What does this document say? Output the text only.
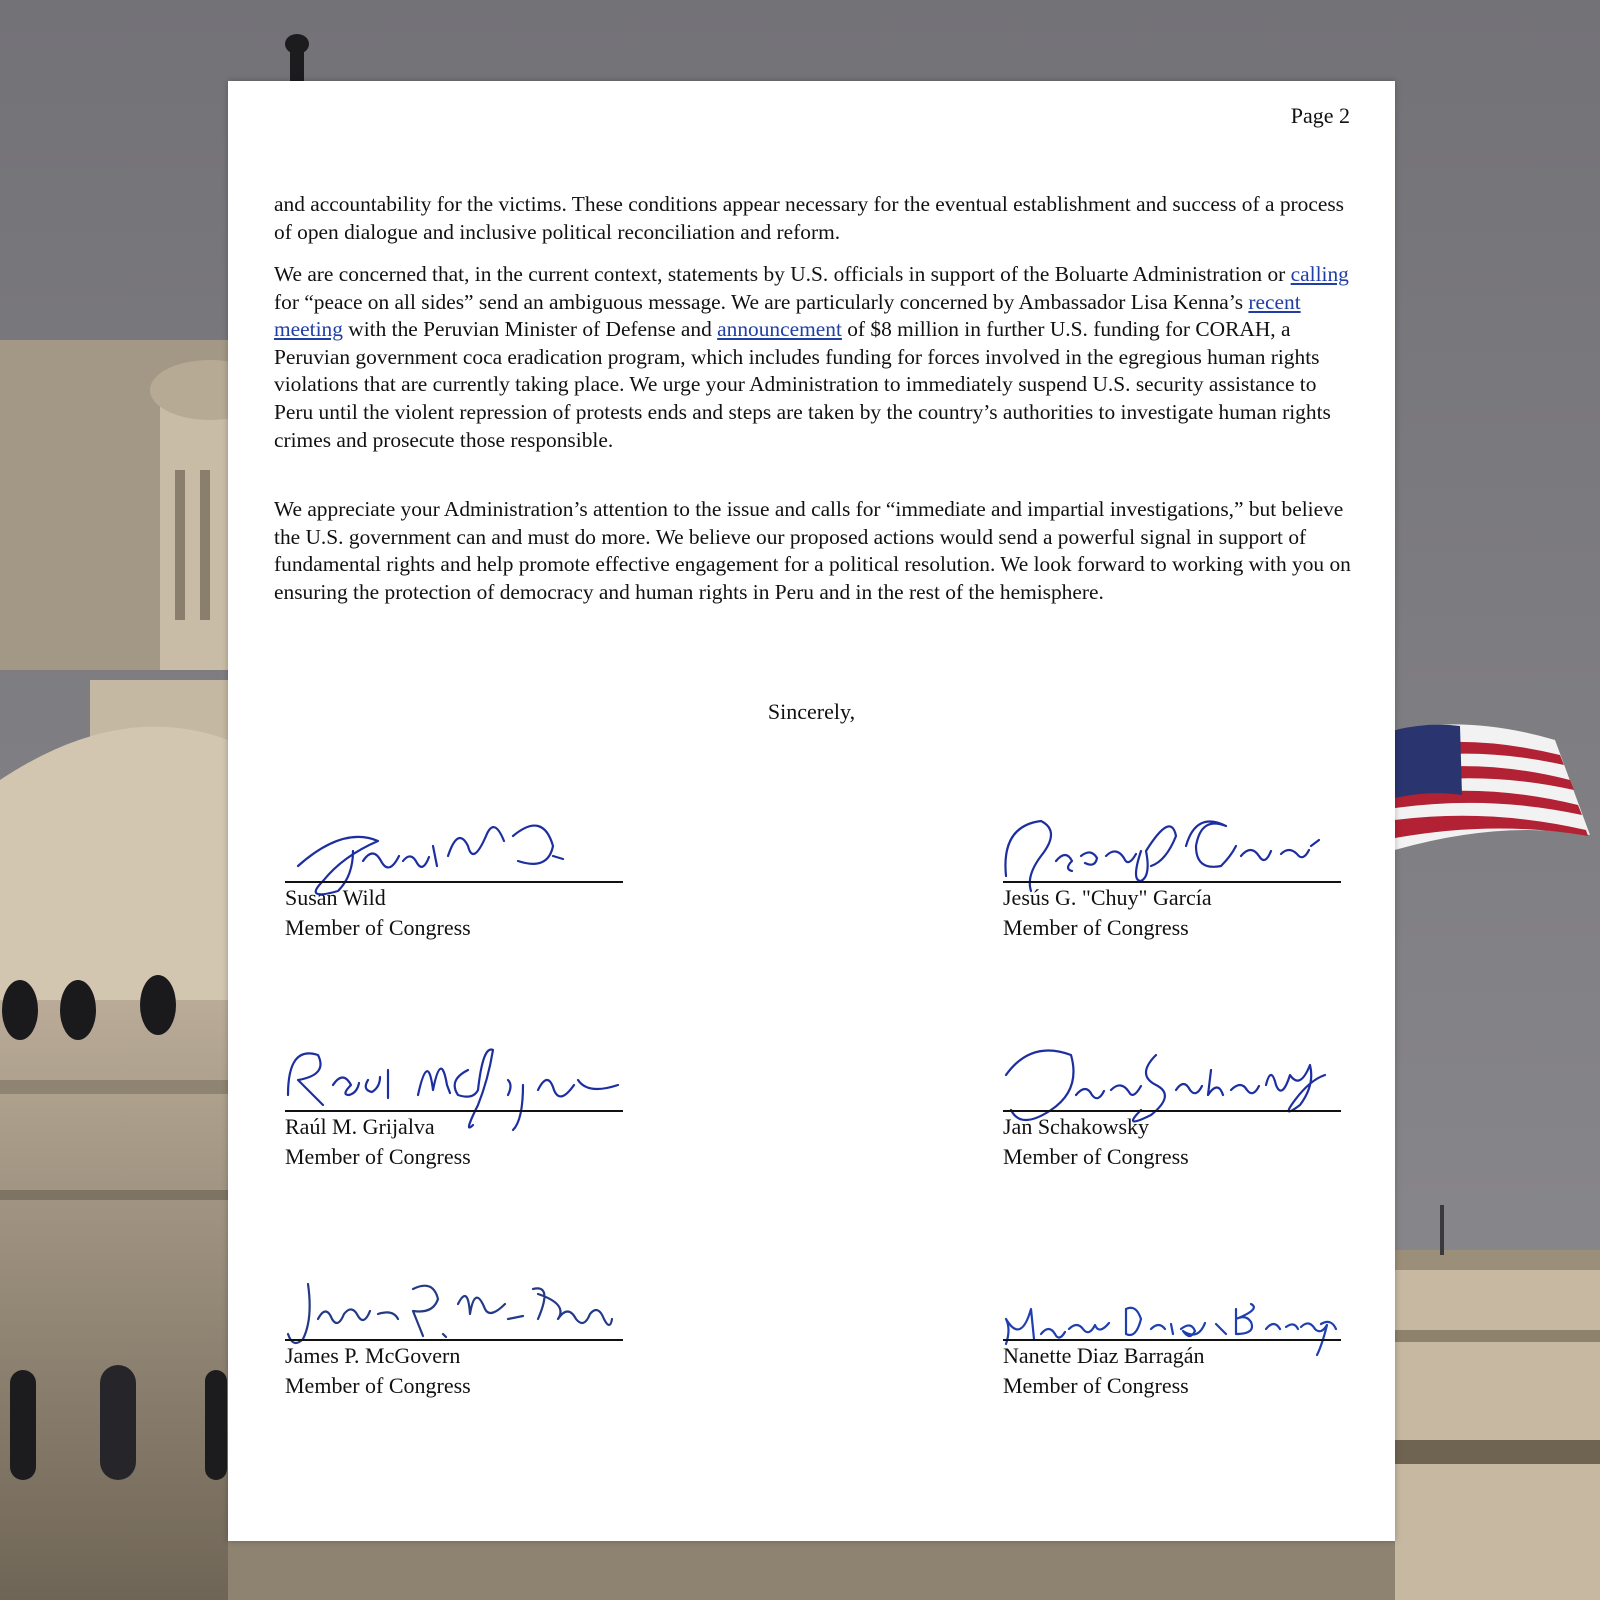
Page 2

and accountability for the victims. These conditions appear necessary for the eventual establishment and success of a process of open dialogue and inclusive political reconciliation and reform.

We are concerned that, in the current context, statements by U.S. officials in support of the Boluarte Administration or calling for “peace on all sides” send an ambiguous message. We are particularly concerned by Ambassador Lisa Kenna’s recent meeting with the Peruvian Minister of Defense and announcement of $8 million in further U.S. funding for CORAH, a Peruvian government coca eradication program, which includes funding for forces involved in the egregious human rights violations that are currently taking place. We urge your Administration to immediately suspend U.S. security assistance to Peru until the violent repression of protests ends and steps are taken by the country’s authorities to investigate human rights crimes and prosecute those responsible.

We appreciate your Administration’s attention to the issue and calls for “immediate and impartial investigations,” but believe the U.S. government can and must do more. We believe our proposed actions would send a powerful signal in support of fundamental rights and help promote effective engagement for a political resolution. We look forward to working with you on ensuring the protection of democracy and human rights in Peru and in the rest of the hemisphere.

Sincerely,
Susan Wild
Member of Congress
Raúl M. Grijalva
Member of Congress
James P. McGovern
Member of Congress
Jesús G. "Chuy" García
Member of Congress
Jan Schakowsky
Member of Congress
Nanette Diaz Barragán
Member of Congress
